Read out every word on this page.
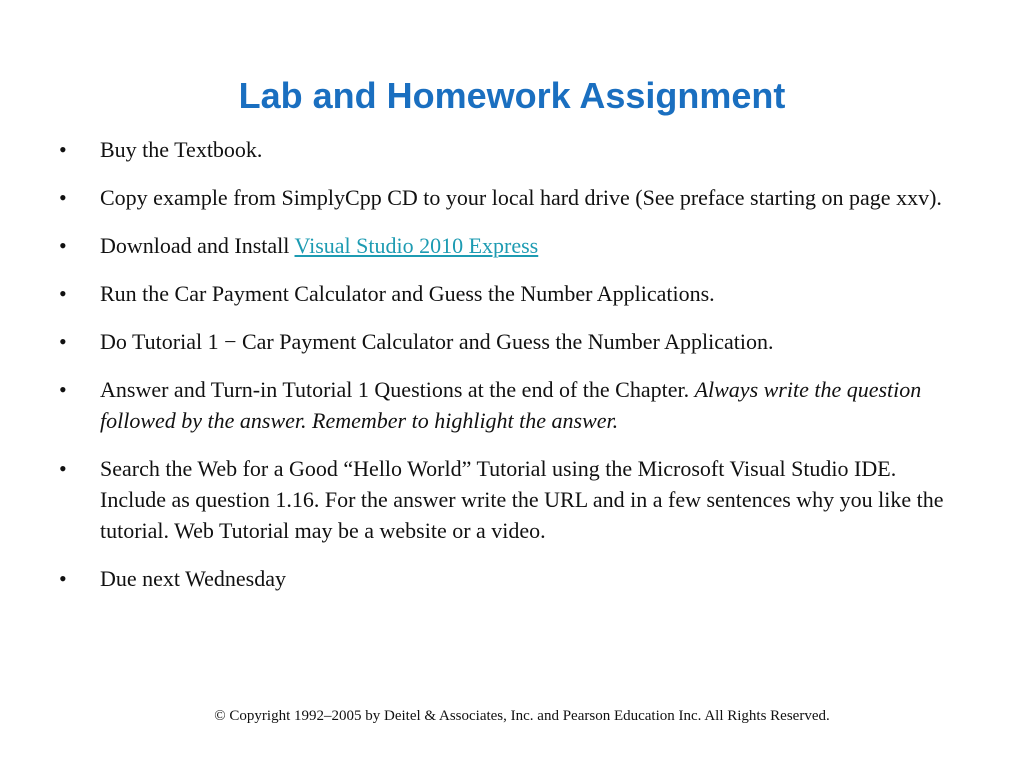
Lab and Homework Assignment
• Buy the Textbook.
• Copy example from SimplyCpp CD to your local hard drive (See preface starting on page xxv).
• Download and Install Visual Studio 2010 Express
• Run the Car Payment Calculator and Guess the Number Applications.
• Do Tutorial 1 − Car Payment Calculator and Guess the Number Application.
• Answer and Turn-in Tutorial 1 Questions at the end of the Chapter. Always write the question followed by the answer. Remember to highlight the answer.
• Search the Web for a Good “Hello World” Tutorial using the Microsoft Visual Studio IDE. Include as question 1.16. For the answer write the URL and in a few sentences why you like the tutorial. Web Tutorial may be a website or a video.
• Due next Wednesday
© Copyright 1992–2005 by Deitel & Associates, Inc. and Pearson Education Inc. All Rights Reserved.
